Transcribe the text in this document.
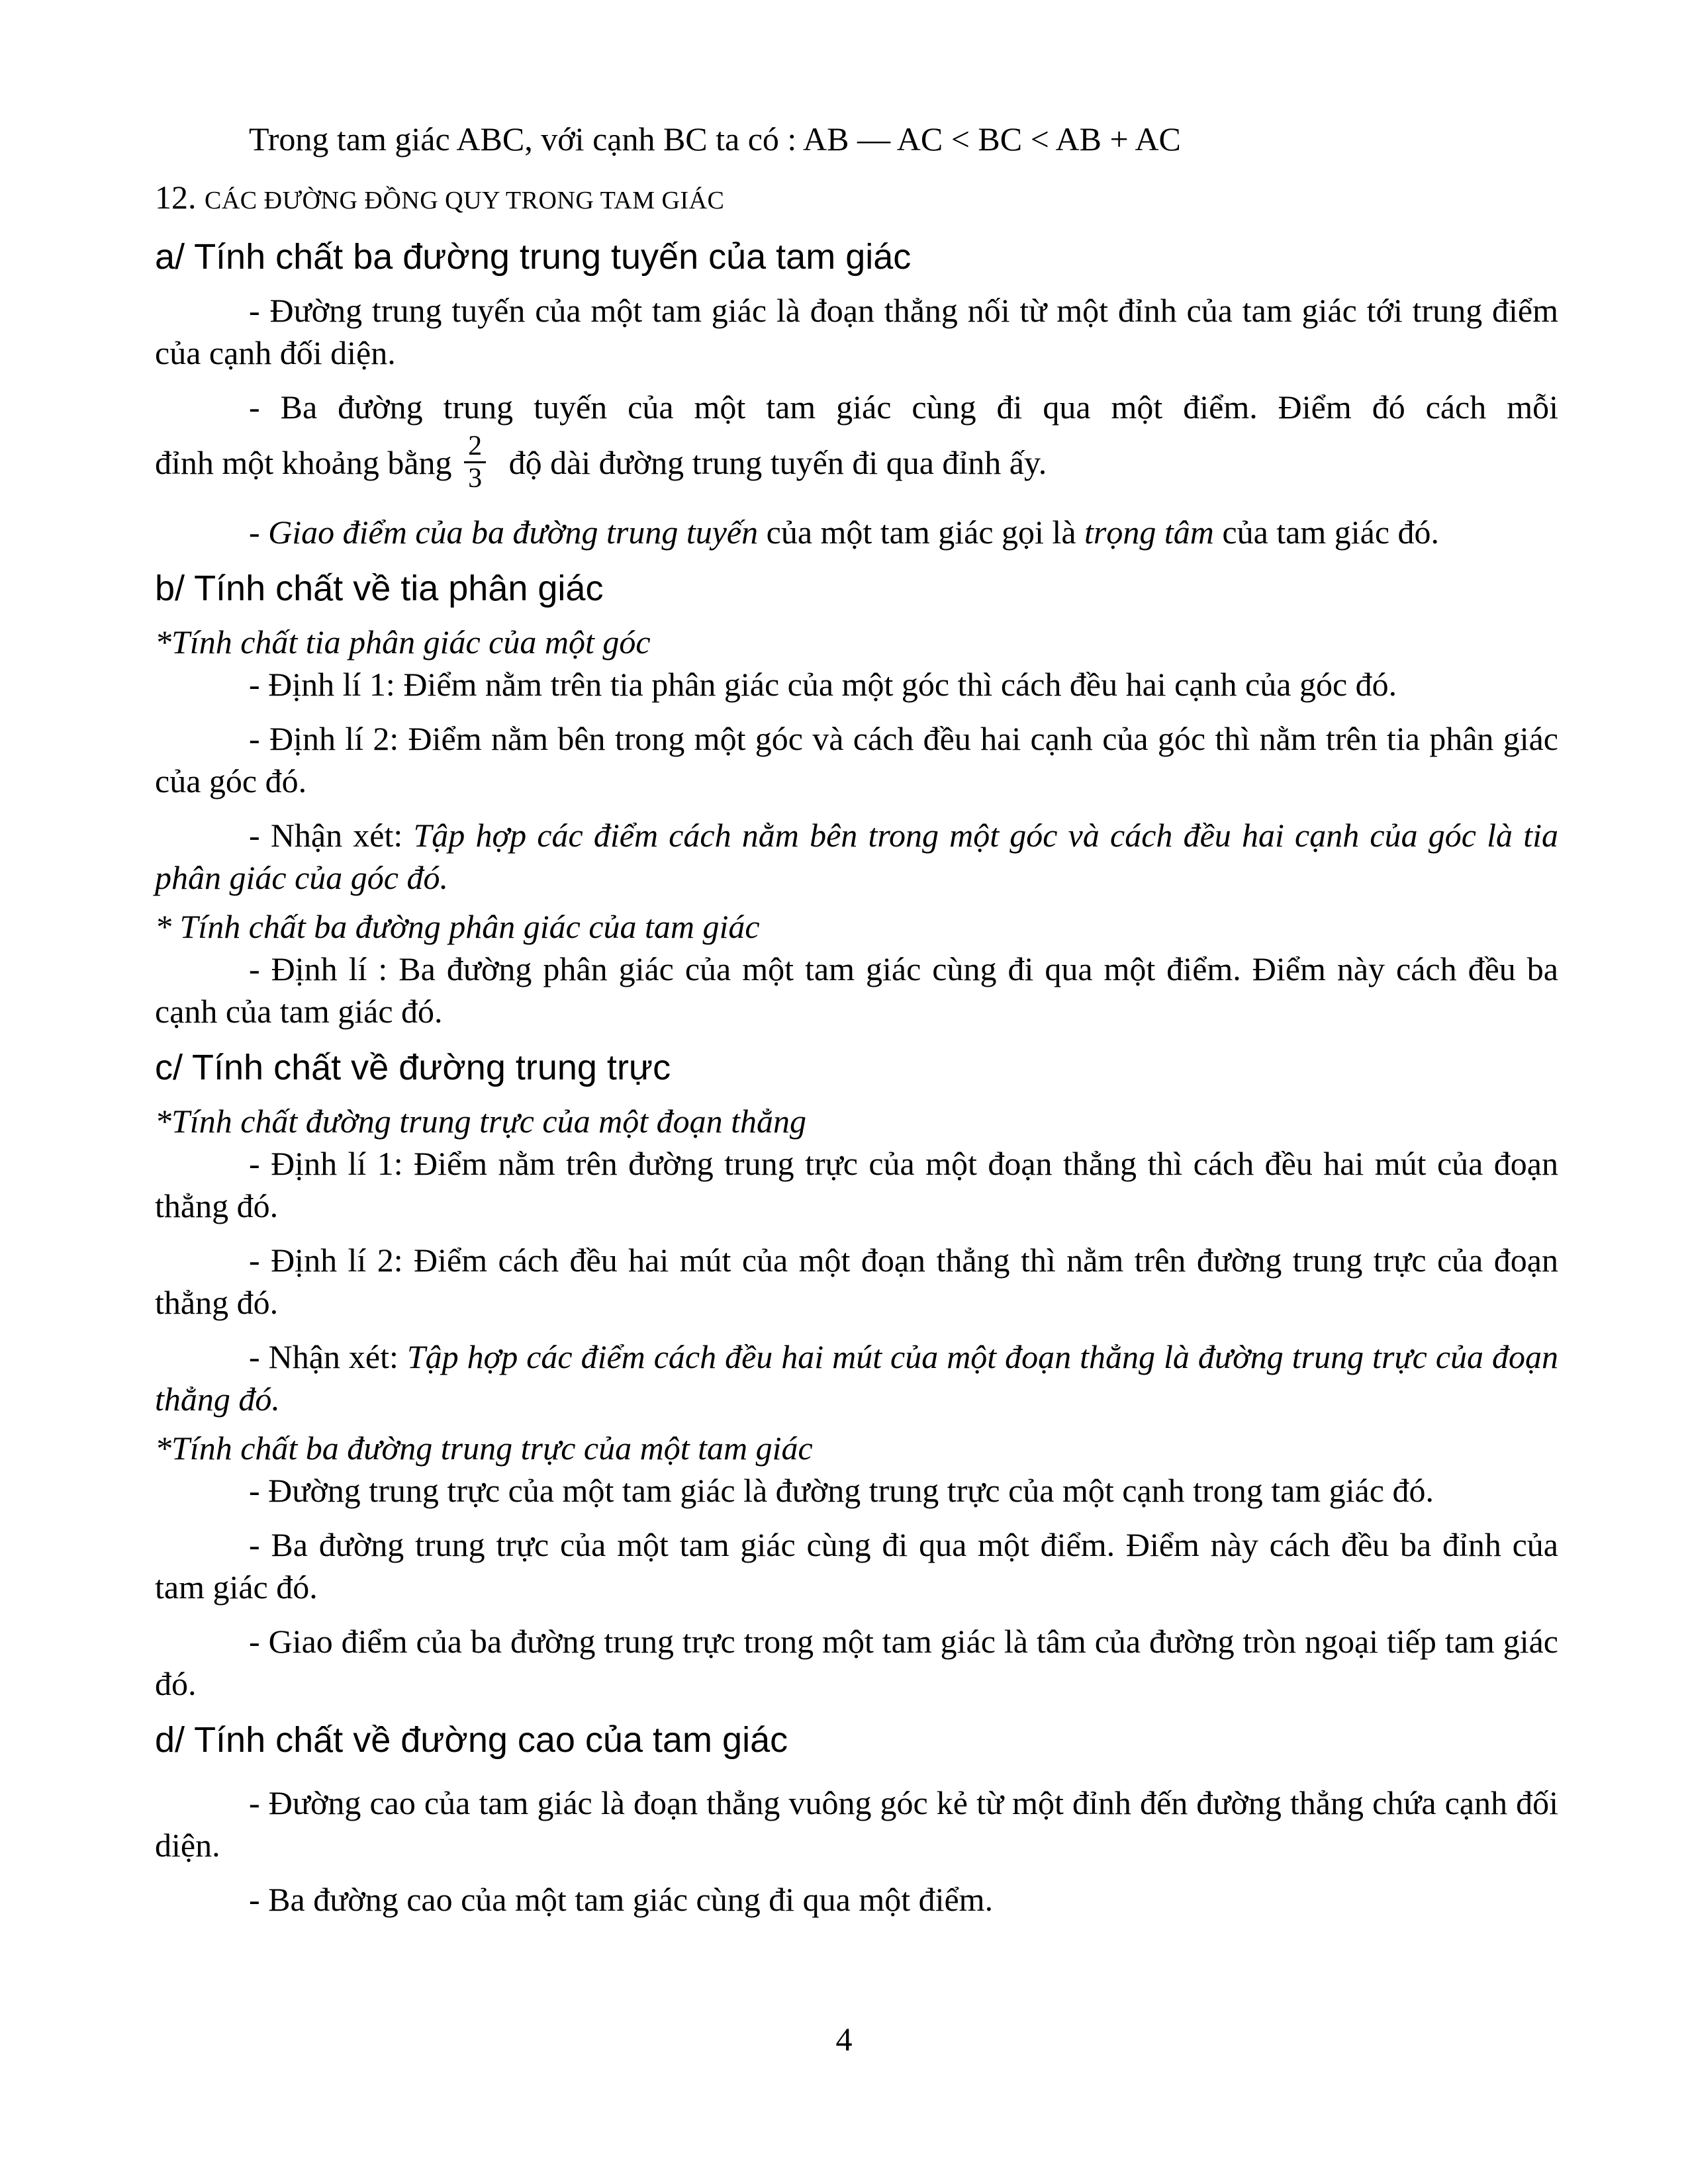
Trong tam giác ABC, với cạnh BC ta có : AB — AC < BC < AB + AC

12. CÁC ĐƯỜNG ĐỒNG QUY TRONG TAM GIÁC

a/ Tính chất ba đường trung tuyến của tam giác

- Đường trung tuyến của một tam giác là đoạn thẳng nối từ một đỉnh của tam giác tới trung điểm của cạnh đối diện.

- Ba đường trung tuyến của một tam giác cùng đi qua một điểm. Điểm đó cách mỗi

đỉnh một khoảng bằng $\frac{2}{3}$ độ dài đường trung tuyến đi qua đỉnh ấy.

- Giao điểm của ba đường trung tuyến của một tam giác gọi là trọng tâm của tam giác đó.

b/ Tính chất về tia phân giác

*Tính chất tia phân giác của một góc

- Định lí 1: Điểm nằm trên tia phân giác của một góc thì cách đều hai cạnh của góc đó.

- Định lí 2: Điểm nằm bên trong một góc và cách đều hai cạnh của góc thì nằm trên tia phân giác của góc đó.

- Nhận xét: Tập hợp các điểm cách nằm bên trong một góc và cách đều hai cạnh của góc là tia phân giác của góc đó.

* Tính chất ba đường phân giác của tam giác

- Định lí : Ba đường phân giác của một tam giác cùng đi qua một điểm. Điểm này cách đều ba cạnh của tam giác đó.

c/ Tính chất về đường trung trực

*Tính chất đường trung trực của một đoạn thẳng

- Định lí 1: Điểm nằm trên đường trung trực của một đoạn thẳng thì cách đều hai mút của đoạn thẳng đó.

- Định lí 2: Điểm cách đều hai mút của một đoạn thẳng thì nằm trên đường trung trực của đoạn thẳng đó.

- Nhận xét: Tập hợp các điểm cách đều hai mút của một đoạn thẳng là đường trung trực của đoạn thẳng đó.

*Tính chất ba đường trung trực của một tam giác

- Đường trung trực của một tam giác là đường trung trực của một cạnh trong tam giác đó.

- Ba đường trung trực của một tam giác cùng đi qua một điểm. Điểm này cách đều ba đỉnh của tam giác đó.

- Giao điểm của ba đường trung trực trong một tam giác là tâm của đường tròn ngoại tiếp tam giác đó.

d/ Tính chất về đường cao của tam giác

- Đường cao của tam giác là đoạn thẳng vuông góc kẻ từ một đỉnh đến đường thẳng chứa cạnh đối diện.

- Ba đường cao của một tam giác cùng đi qua một điểm.

4
